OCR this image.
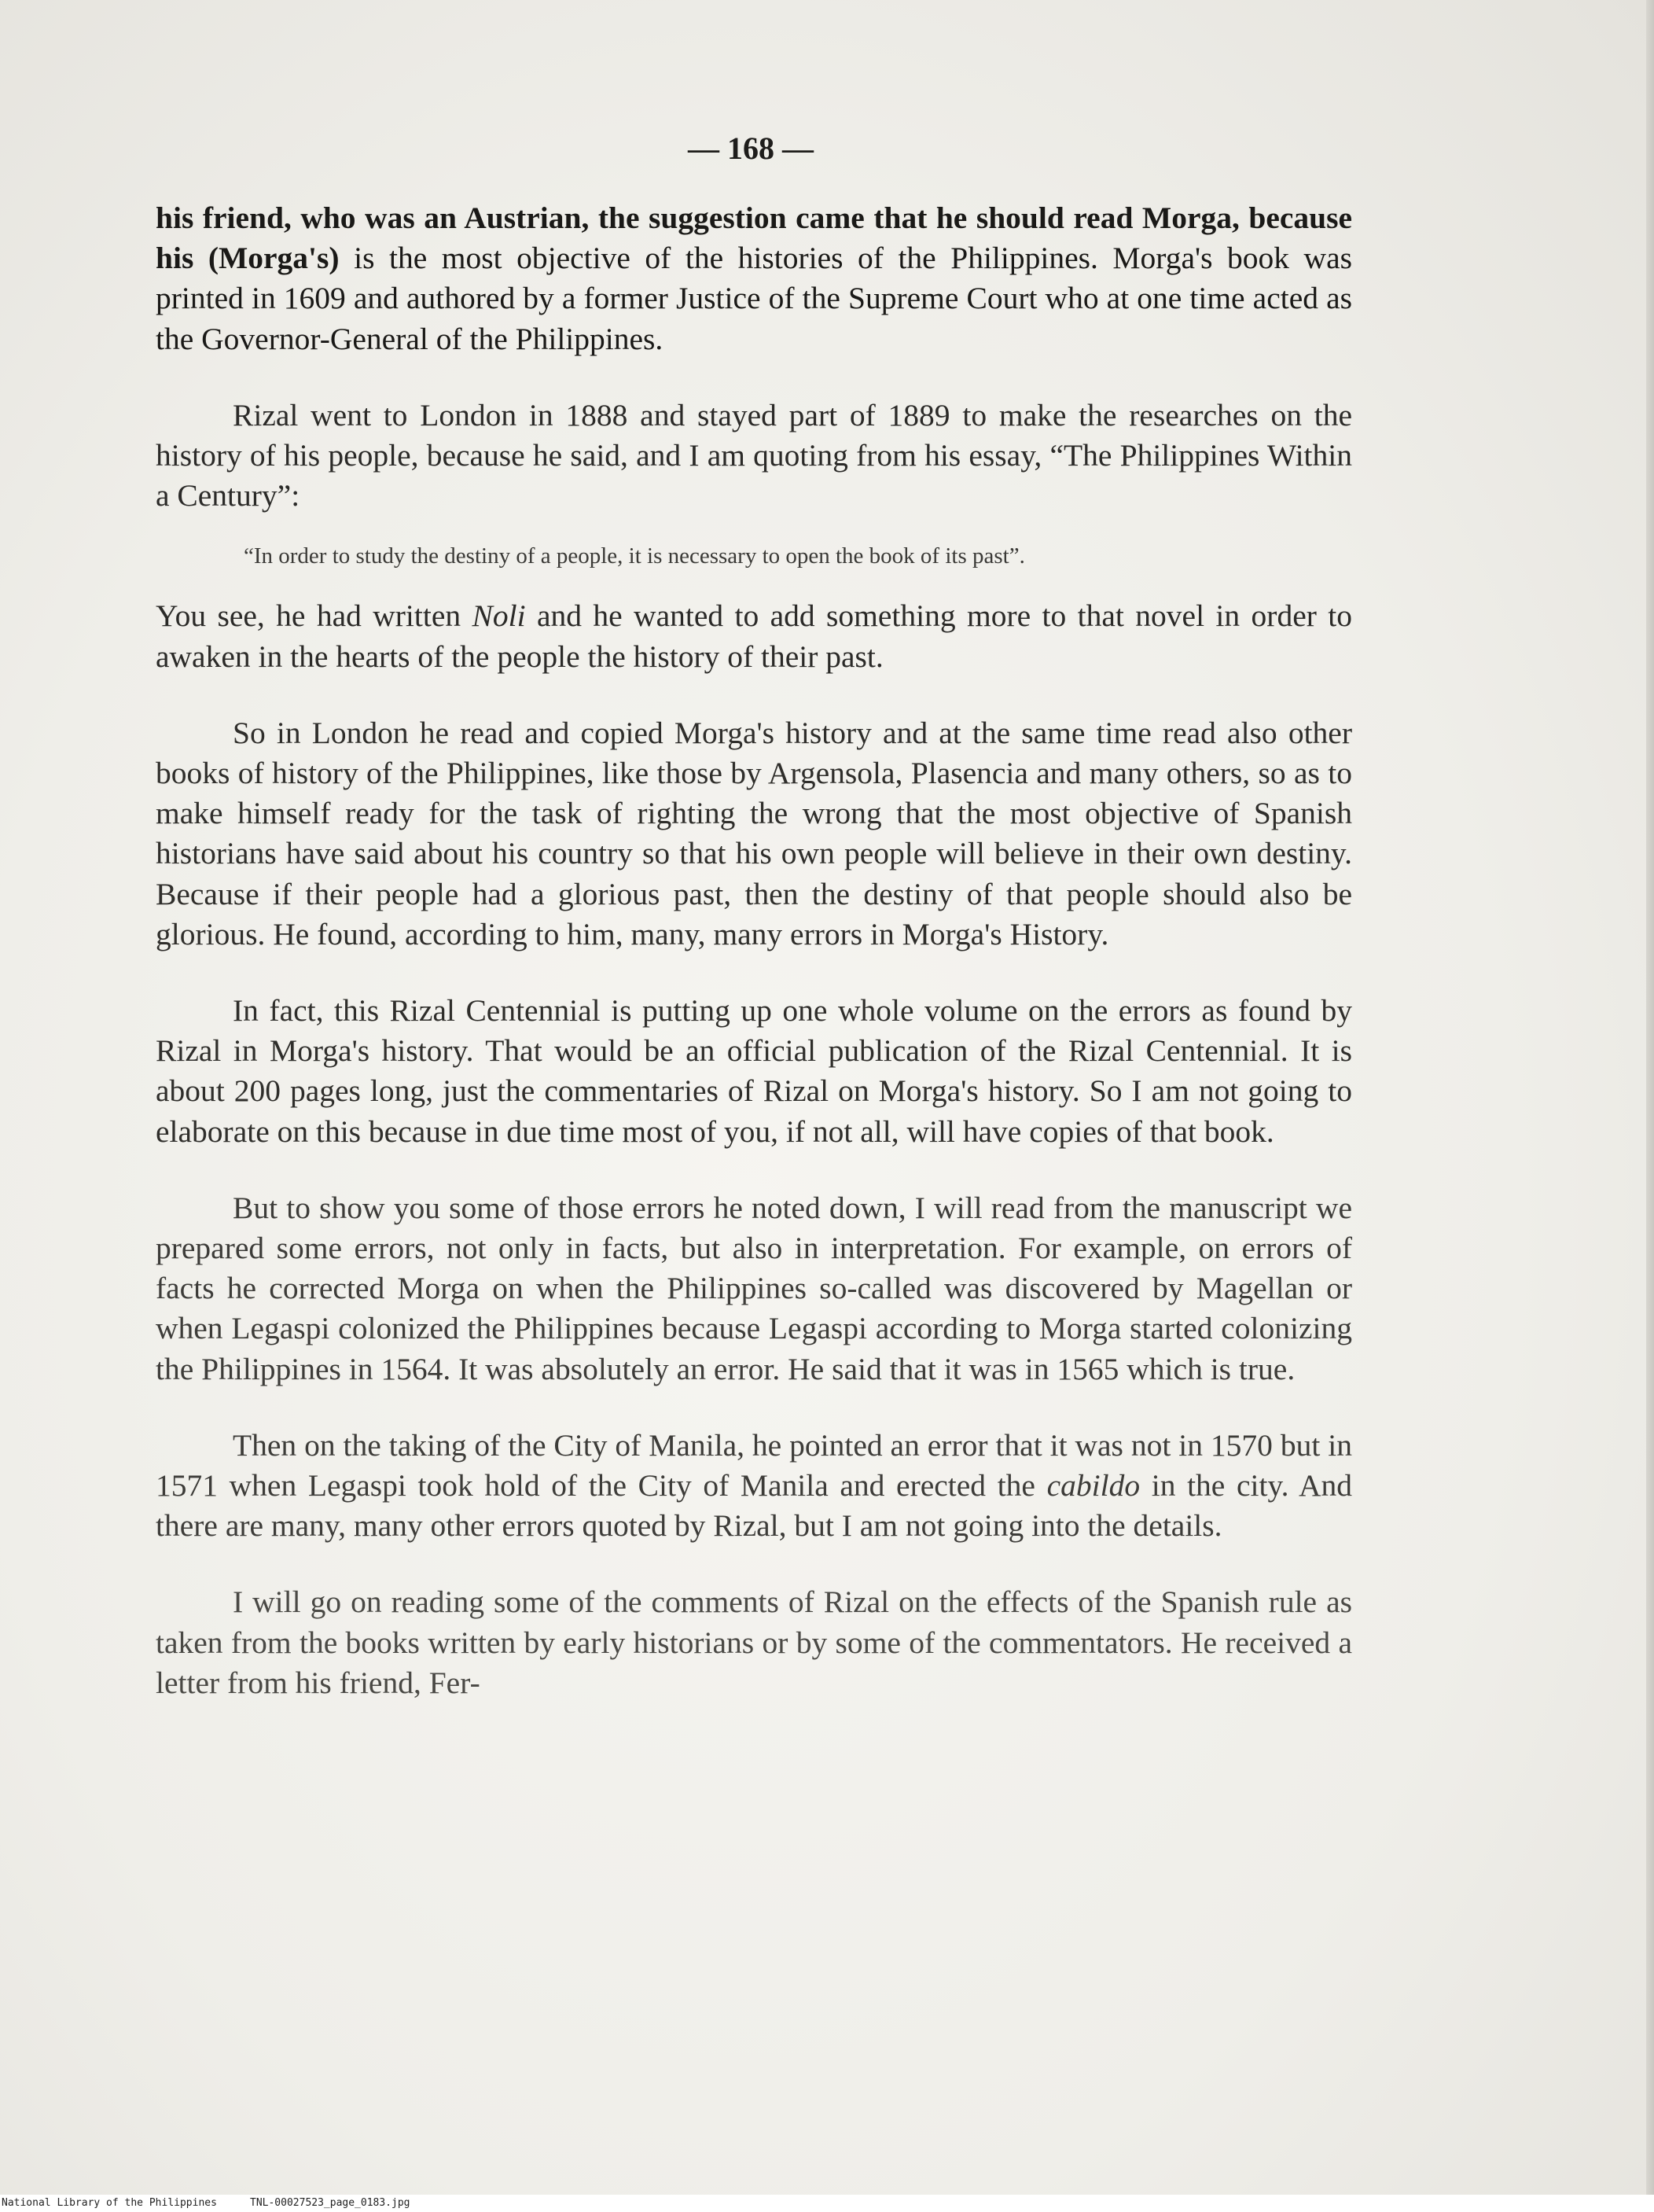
— 168 —

his friend, who was an Austrian, the suggestion came that he should read Morga, because his (Morga's) is the most objective of the histories of the Philippines. Morga's book was printed in 1609 and authored by a former Justice of the Supreme Court who at one time acted as the Governor-General of the Philippines.

Rizal went to London in 1888 and stayed part of 1889 to make the researches on the history of his people, because he said, and I am quoting from his essay, “The Philippines Within a Century”:

“In order to study the destiny of a people, it is necessary to open the book of its past”.

You see, he had written Noli and he wanted to add something more to that novel in order to awaken in the hearts of the people the history of their past.

So in London he read and copied Morga's history and at the same time read also other books of history of the Philippines, like those by Argensola, Plasencia and many others, so as to make himself ready for the task of righting the wrong that the most objective of Spanish historians have said about his country so that his own people will believe in their own destiny. Because if their people had a glorious past, then the destiny of that people should also be glorious. He found, according to him, many, many errors in Morga's History.

In fact, this Rizal Centennial is putting up one whole volume on the errors as found by Rizal in Morga's history. That would be an official publication of the Rizal Centennial. It is about 200 pages long, just the commentaries of Rizal on Morga's history. So I am not going to elaborate on this because in due time most of you, if not all, will have copies of that book.

But to show you some of those errors he noted down, I will read from the manuscript we prepared some errors, not only in facts, but also in interpretation. For example, on errors of facts he corrected Morga on when the Philippines so-called was discovered by Magellan or when Legaspi colonized the Philippines because Legaspi according to Morga started colonizing the Philippines in 1564. It was absolutely an error. He said that it was in 1565 which is true.

Then on the taking of the City of Manila, he pointed an error that it was not in 1570 but in 1571 when Legaspi took hold of the City of Manila and erected the cabildo in the city. And there are many, many other errors quoted by Rizal, but I am not going into the details.

I will go on reading some of the comments of Rizal on the effects of the Spanish rule as taken from the books written by early historians or by some of the commentators. He received a letter from his friend, Fer-

National Library of the Philippines	TNL-00027523_page_0183.jpg
